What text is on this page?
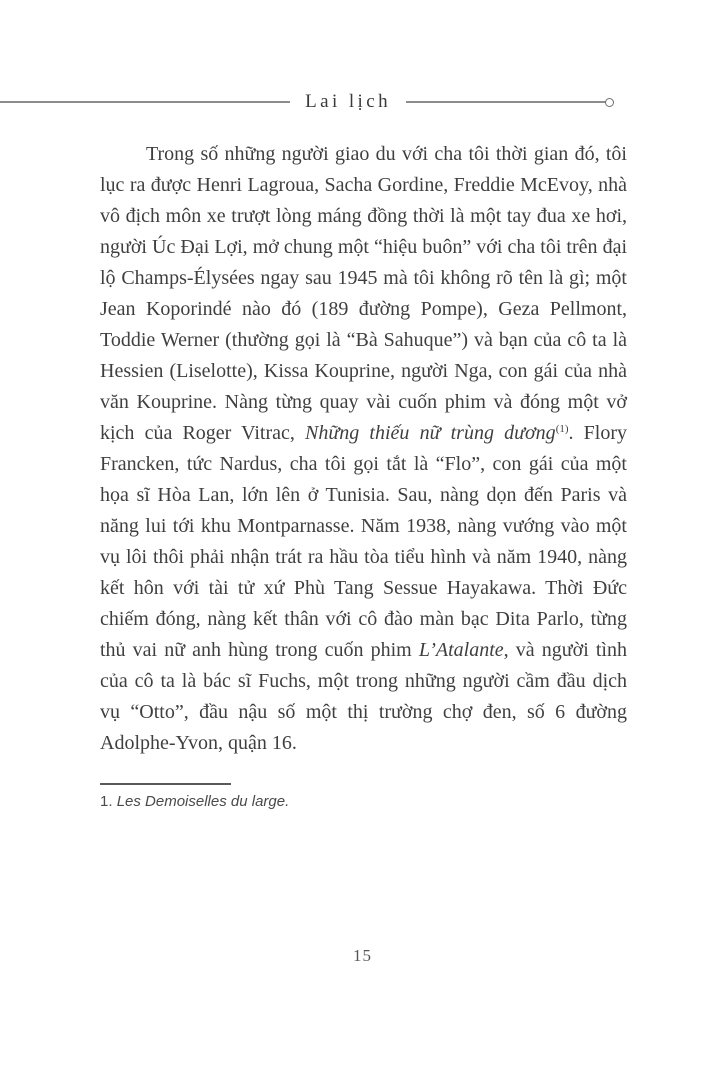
Lai lịch

Trong số những người giao du với cha tôi thời gian đó, tôi lục ra được Henri Lagroua, Sacha Gordine, Freddie McEvoy, nhà vô địch môn xe trượt lòng máng đồng thời là một tay đua xe hơi, người Úc Đại Lợi, mở chung một “hiệu buôn” với cha tôi trên đại lộ Champs-Élysées ngay sau 1945 mà tôi không rõ tên là gì; một Jean Koporindé nào đó (189 đường Pompe), Geza Pellmont, Toddie Werner (thường gọi là “Bà Sahuque”) và bạn của cô ta là Hessien (Liselotte), Kissa Kouprine, người Nga, con gái của nhà văn Kouprine. Nàng từng quay vài cuốn phim và đóng một vở kịch của Roger Vitrac, Những thiếu nữ trùng dương$^{(1)}$. Flory Francken, tức Nardus, cha tôi gọi tắt là “Flo”, con gái của một họa sĩ Hòa Lan, lớn lên ở Tunisia. Sau, nàng dọn đến Paris và năng lui tới khu Montparnasse. Năm 1938, nàng vướng vào một vụ lôi thôi phải nhận trát ra hầu tòa tiểu hình và năm 1940, nàng kết hôn với tài tử xứ Phù Tang Sessue Hayakawa. Thời Đức chiếm đóng, nàng kết thân với cô đào màn bạc Dita Parlo, từng thủ vai nữ anh hùng trong cuốn phim L’Atalante, và người tình của cô ta là bác sĩ Fuchs, một trong những người cầm đầu dịch vụ “Otto”, đầu nậu số một thị trường chợ đen, số 6 đường Adolphe-Yvon, quận 16.

1. Les Demoiselles du large.

15
